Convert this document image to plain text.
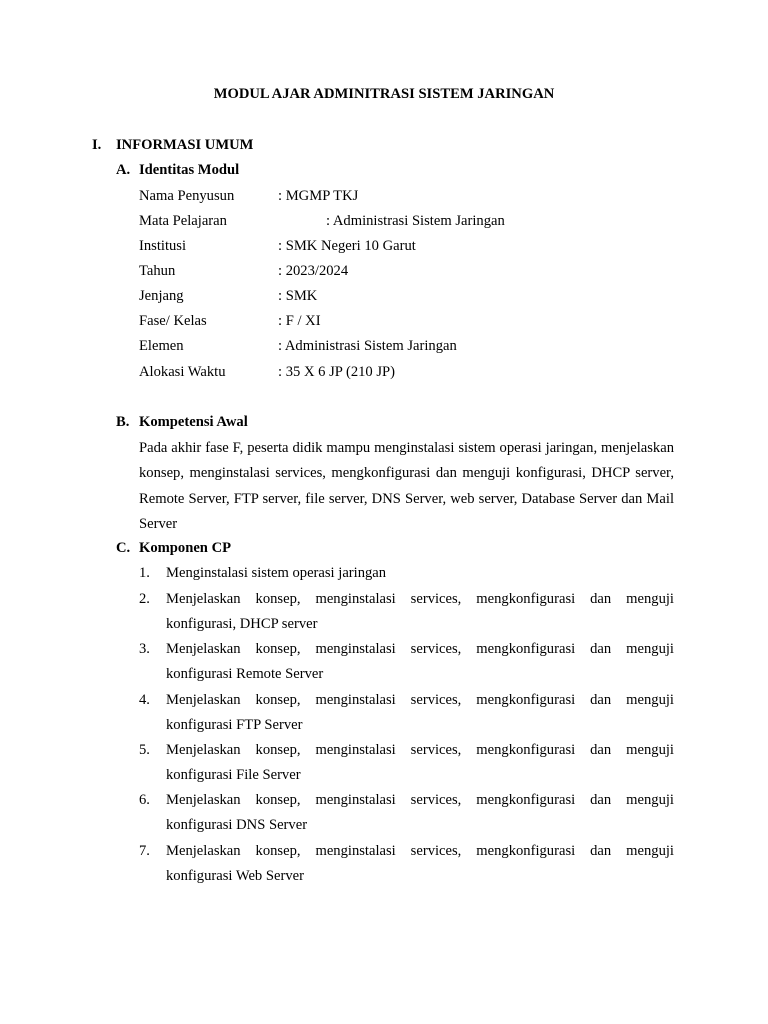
MODUL AJAR ADMINITRASI SISTEM JARINGAN
I. INFORMASI UMUM
A. Identitas Modul
Nama Penyusun	: MGMP TKJ
Mata Pelajaran	: Administrasi Sistem Jaringan
Institusi	: SMK Negeri 10 Garut
Tahun	: 2023/2024
Jenjang	: SMK
Fase/ Kelas	: F / XI
Elemen	: Administrasi Sistem Jaringan
Alokasi Waktu	: 35 X 6 JP (210 JP)
B. Kompetensi Awal
Pada akhir fase F, peserta didik mampu menginstalasi sistem operasi jaringan, menjelaskan konsep, menginstalasi services, mengkonfigurasi dan menguji konfigurasi, DHCP server, Remote Server, FTP server, file server, DNS Server, web server, Database Server dan Mail Server
C. Komponen CP
1. Menginstalasi sistem operasi jaringan
2. Menjelaskan konsep, menginstalasi services, mengkonfigurasi dan menguji konfigurasi, DHCP server
3. Menjelaskan konsep, menginstalasi services, mengkonfigurasi dan menguji konfigurasi Remote Server
4. Menjelaskan konsep, menginstalasi services, mengkonfigurasi dan menguji konfigurasi FTP Server
5. Menjelaskan konsep, menginstalasi services, mengkonfigurasi dan menguji konfigurasi File Server
6. Menjelaskan konsep, menginstalasi services, mengkonfigurasi dan menguji konfigurasi DNS Server
7. Menjelaskan konsep, menginstalasi services, mengkonfigurasi dan menguji konfigurasi Web Server
